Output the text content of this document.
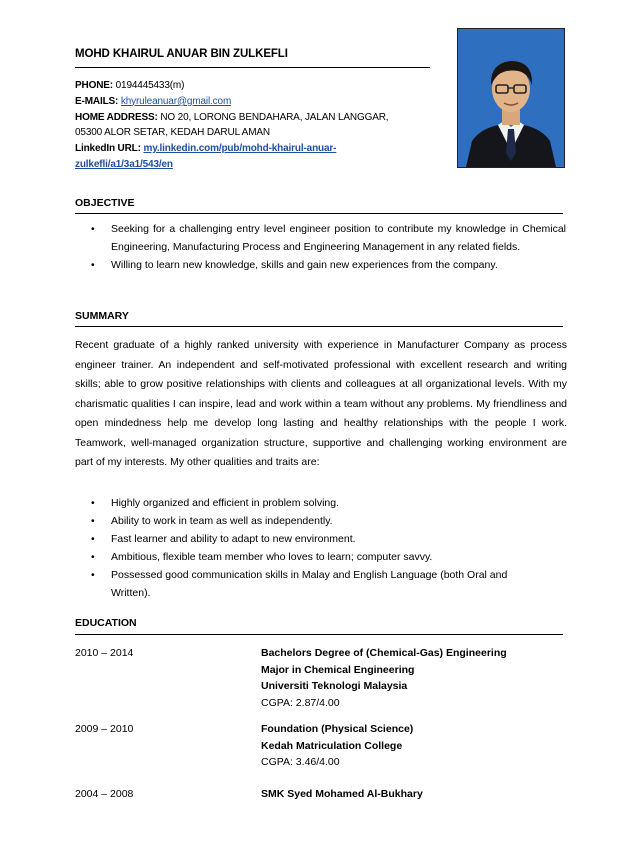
MOHD KHAIRUL ANUAR BIN ZULKEFLI
PHONE: 0194445433(m)
E-MAILS: khyruleanuar@gmail.com
HOME ADDRESS: NO 20, LORONG BENDAHARA, JALAN LANGGAR,
05300 ALOR SETAR, KEDAH DARUL AMAN
LinkedIn URL: my.linkedin.com/pub/mohd-khairul-anuar-
zulkefli/a1/3a1/543/en
OBJECTIVE
• Seeking for a challenging entry level engineer position to contribute my knowledge in Chemical Engineering, Manufacturing Process and Engineering Management in any related fields.
• Willing to learn new knowledge, skills and gain new experiences from the company.
SUMMARY

Recent graduate of a highly ranked university with experience in Manufacturer Company as process engineer trainer. An independent and self-motivated professional with excellent research and writing skills; able to grow positive relationships with clients and colleagues at all organizational levels. With my charismatic qualities I can inspire, lead and work within a team without any problems. My friendliness and open mindedness help me develop long lasting and healthy relationships with the people I work. Teamwork, well-managed organization structure, supportive and challenging working environment are part of my interests. My other qualities and traits are:

• Highly organized and efficient in problem solving.
• Ability to work in team as well as independently.
• Fast learner and ability to adapt to new environment.
• Ambitious, flexible team member who loves to learn; computer savvy.
• Possessed good communication skills in Malay and English Language (both Oral and Written).
EDUCATION
2010 – 2014	Bachelors Degree of (Chemical-Gas) Engineering
Major in Chemical Engineering
Universiti Teknologi Malaysia
CGPA: 2.87/4.00
2009 – 2010	Foundation (Physical Science)
Kedah Matriculation College
CGPA: 3.46/4.00
2004 – 2008	SMK Syed Mohamed Al-Bukhary
